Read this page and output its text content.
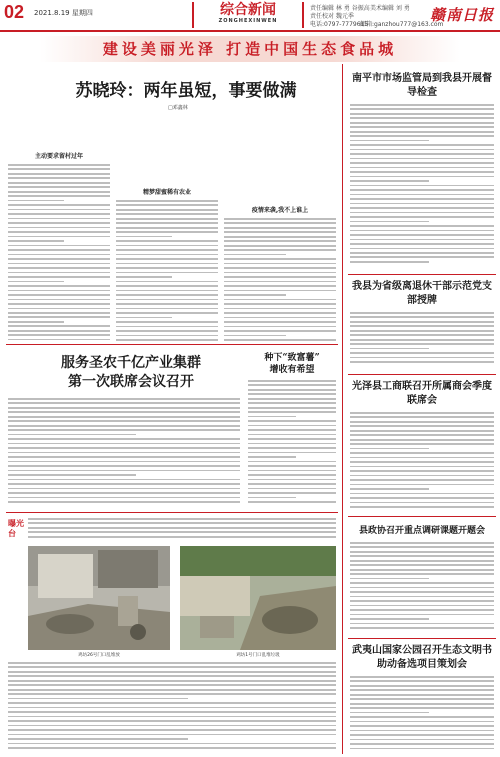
02 2021.8.19 星期四	综合新闻
ZONGHEXINWEN
责任编辑 林 勇 谷振高 美术编辑 刘 勇
责任校对 魏元季
电话:0797-7779615
邮箱:ganzhou777@163.com
赣南日报
建设美丽光泽 打造中国生态食品城
苏晓玲：两年虽短，事要做满
□邓鑫林
主动要求留村过年
精梦甜蜜稀有农业
疫情来袭,我不上谁上
服务圣农千亿产业集群
第一次联席会议召开
种下“致富薯”
增收有希望
曝光台
鸡坊26号门口乱堆放	鸡坊1号门口乱堆垃圾
南平市市场监管局到我县开展督导检查
我县为省级离退休干部示范党支部授牌
光泽县工商联召开所属商会季度联席会
县政协召开重点调研课题开题会
武夷山国家公园召开生态文明书助动备选项目策划会
